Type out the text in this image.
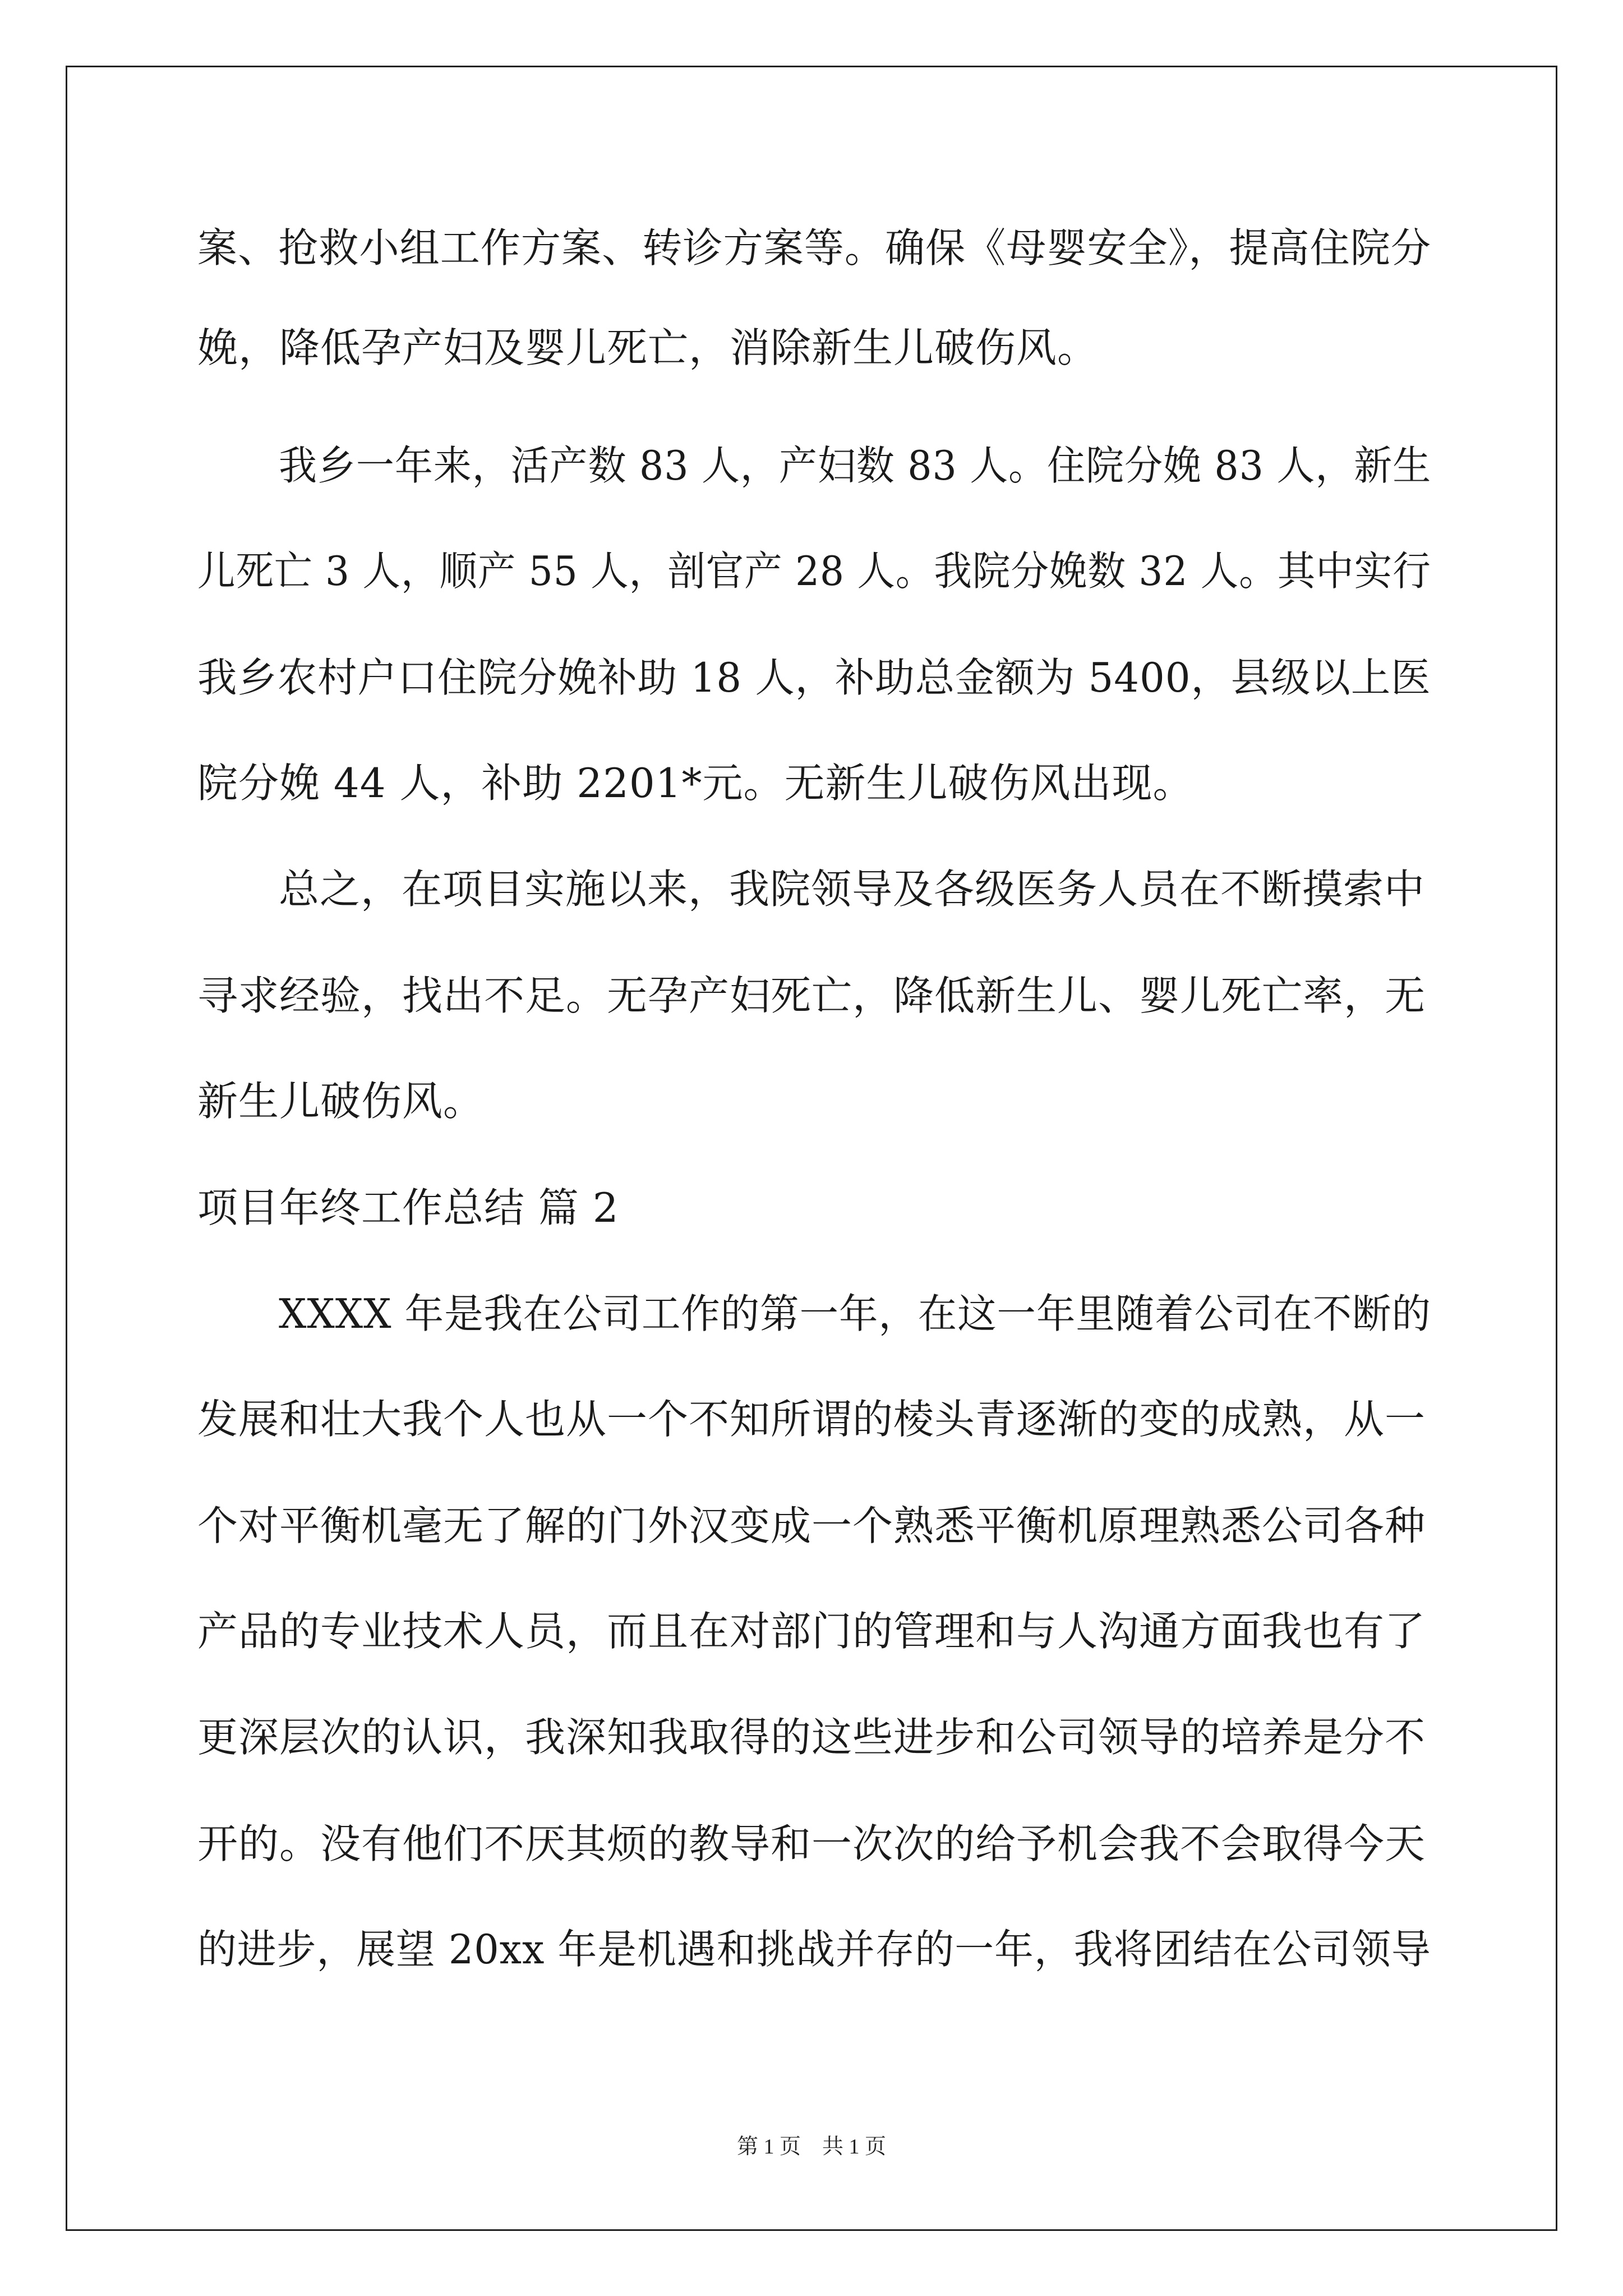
案、抢救小组工作方案、转诊方案等。确保《母婴安全》，提高住院分
娩，降低孕产妇及婴儿死亡，消除新生儿破伤风。
我乡一年来，活产数 83 人，产妇数 83 人。住院分娩 83 人，新生
儿死亡 3 人，顺产 55 人，剖官产 28 人。我院分娩数 32 人。其中实行
我乡农村户口住院分娩补助 18 人，补助总金额为 5400，县级以上医
院分娩 44 人，补助 2201*元。无新生儿破伤风出现。
总之，在项目实施以来，我院领导及各级医务人员在不断摸索中
寻求经验，找出不足。无孕产妇死亡，降低新生儿、婴儿死亡率，无
新生儿破伤风。
项目年终工作总结 篇 2
XXXX 年是我在公司工作的第一年，在这一年里随着公司在不断的
发展和壮大我个人也从一个不知所谓的棱头青逐渐的变的成熟，从一
个对平衡机毫无了解的门外汉变成一个熟悉平衡机原理熟悉公司各种
产品的专业技术人员，而且在对部门的管理和与人沟通方面我也有了
更深层次的认识，我深知我取得的这些进步和公司领导的培养是分不
开的。没有他们不厌其烦的教导和一次次的给予机会我不会取得今天
的进步，展望 20xx 年是机遇和挑战并存的一年，我将团结在公司领导
第 1 页　共 1 页
